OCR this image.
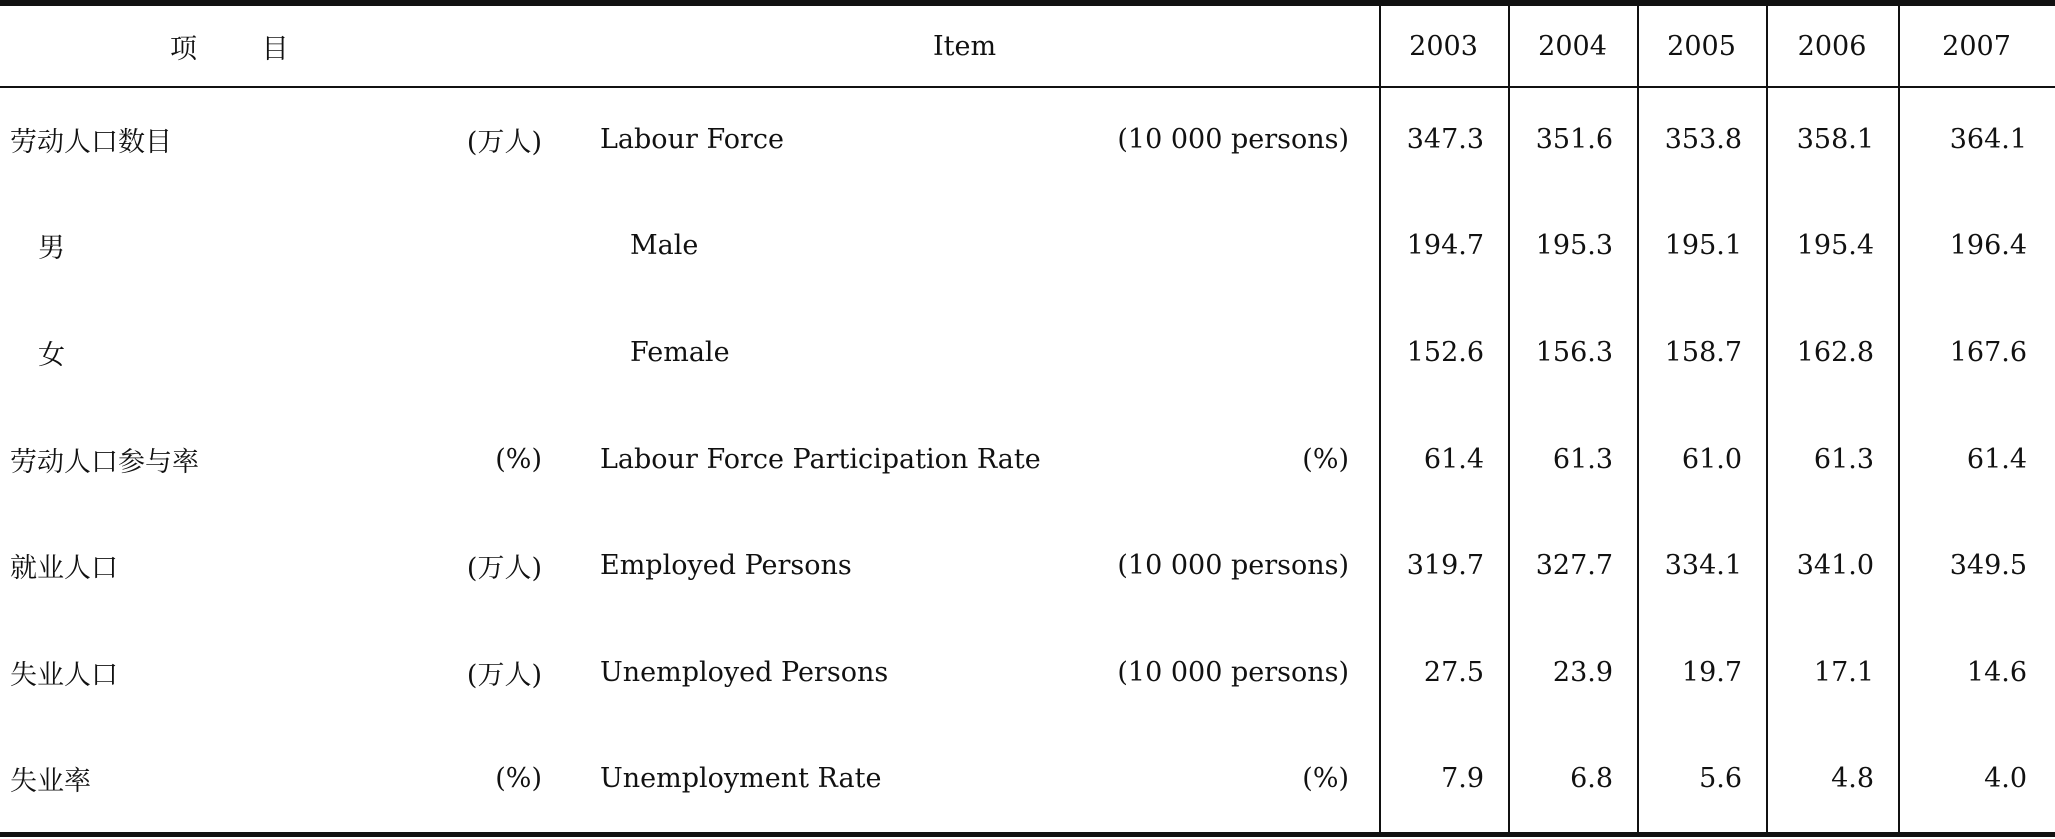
项 目		Item		2003	2004	2005	2006	2007
劳动人口数目	(万人)	Labour Force	(10 000 persons)	347.3	351.6	353.8	358.1	364.1
男		Male		194.7	195.3	195.1	195.4	196.4
女		Female		152.6	156.3	158.7	162.8	167.6
劳动人口参与率	(%)	Labour Force Participation Rate	(%)	61.4	61.3	61.0	61.3	61.4
就业人口	(万人)	Employed Persons	(10 000 persons)	319.7	327.7	334.1	341.0	349.5
失业人口	(万人)	Unemployed Persons	(10 000 persons)	27.5	23.9	19.7	17.1	14.6
失业率	(%)	Unemployment Rate	(%)	7.9	6.8	5.6	4.8	4.0
